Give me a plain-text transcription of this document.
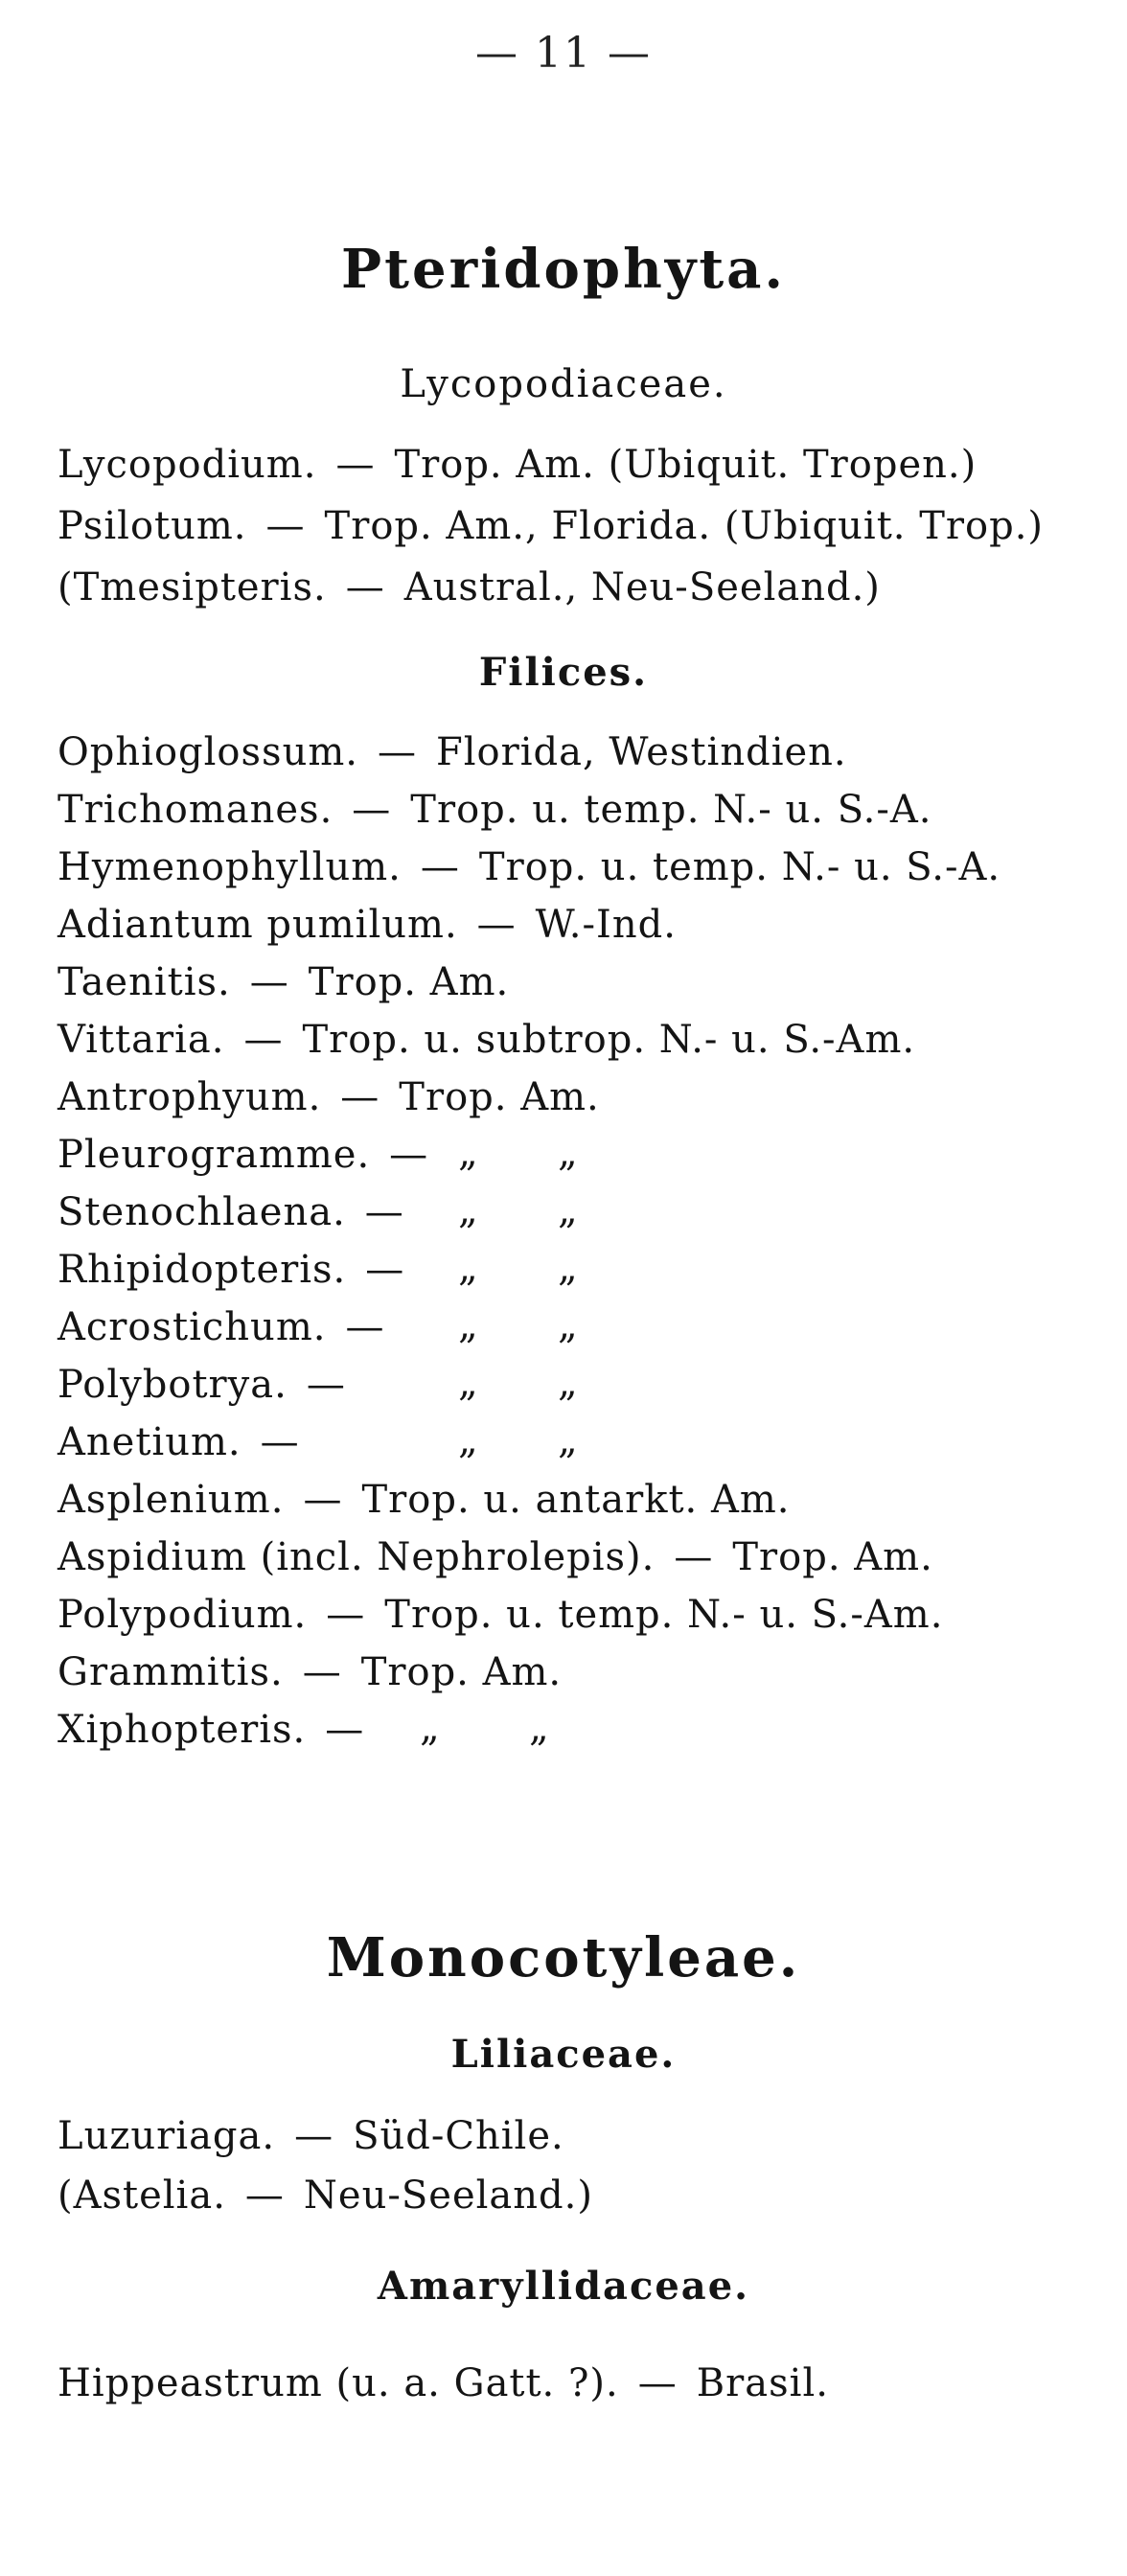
— 11 —
Pteridophyta.
Lycopodiaceae.
Lycopodium. — Trop. Am. (Ubiquit. Tropen.)
Psilotum. — Trop. Am., Florida. (Ubiquit. Trop.)
(Tmesipteris. — Austral., Neu-Seeland.)
Filices.
Ophioglossum. — Florida, Westindien.
Trichomanes. — Trop. u. temp. N.- u. S.-A.
Hymenophyllum. — Trop. u. temp. N.- u. S.-A.
Adiantum pumilum. — W.-Ind.
Taenitis. — Trop. Am.
Vittaria. — Trop. u. subtrop. N.- u. S.-Am.
Antrophyum. — Trop. Am.
Pleurogramme. — „ „
Stenochlaena. —	„ „
Rhipidopteris. —	„ „
Acrostichum. —	„ „
Polybotrya. —	„ „
Anetium. —	„ „
Asplenium. — Trop. u. antarkt. Am.
Aspidium (incl. Nephrolepis). — Trop. Am.
Polypodium. — Trop. u. temp. N.- u. S.-Am.
Grammitis. — Trop. Am.
Xiphopteris. —	„ „
Monocotyleae.
Liliaceae.
Luzuriaga. — Süd-Chile.
(Astelia. — Neu-Seeland.)
Amaryllidaceae.
Hippeastrum (u. a. Gatt. ?). — Brasil.
